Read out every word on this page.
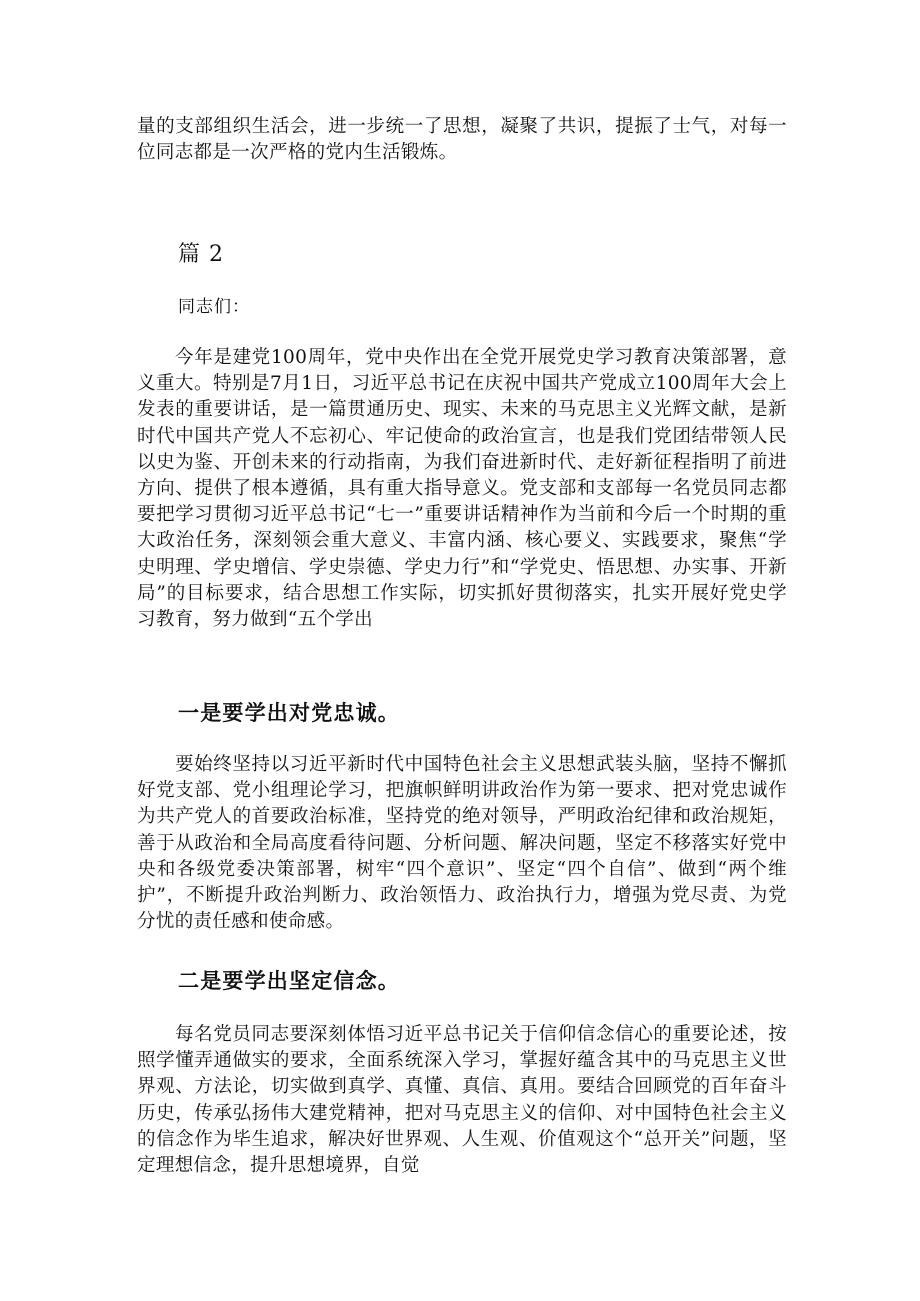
量的支部组织生活会，进一步统一了思想，凝聚了共识，提振了士气，对每一位同志都是一次严格的党内生活锻炼。

篇 2

同志们：

今年是建党100周年，党中央作出在全党开展党史学习教育决策部署，意义重大。特别是7月1日，习近平总书记在庆祝中国共产党成立100周年大会上发表的重要讲话，是一篇贯通历史、现实、未来的马克思主义光辉文献，是新时代中国共产党人不忘初心、牢记使命的政治宣言，也是我们党团结带领人民以史为鉴、开创未来的行动指南，为我们奋进新时代、走好新征程指明了前进方向、提供了根本遵循，具有重大指导意义。党支部和支部每一名党员同志都要把学习贯彻习近平总书记“七一”重要讲话精神作为当前和今后一个时期的重大政治任务，深刻领会重大意义、丰富内涵、核心要义、实践要求，聚焦“学史明理、学史增信、学史崇德、学史力行”和“学党史、悟思想、办实事、开新局”的目标要求，结合思想工作实际，切实抓好贯彻落实，扎实开展好党史学习教育，努力做到“五个学出

一是要学出对党忠诚。

要始终坚持以习近平新时代中国特色社会主义思想武装头脑，坚持不懈抓好党支部、党小组理论学习，把旗帜鲜明讲政治作为第一要求、把对党忠诚作为共产党人的首要政治标准，坚持党的绝对领导，严明政治纪律和政治规矩，善于从政治和全局高度看待问题、分析问题、解决问题，坚定不移落实好党中央和各级党委决策部署，树牢“四个意识”、坚定“四个自信”、做到“两个维护”，不断提升政治判断力、政治领悟力、政治执行力，增强为党尽责、为党分忧的责任感和使命感。

二是要学出坚定信念。

每名党员同志要深刻体悟习近平总书记关于信仰信念信心的重要论述，按照学懂弄通做实的要求，全面系统深入学习，掌握好蕴含其中的马克思主义世界观、方法论，切实做到真学、真懂、真信、真用。要结合回顾党的百年奋斗历史，传承弘扬伟大建党精神，把对马克思主义的信仰、对中国特色社会主义的信念作为毕生追求，解决好世界观、人生观、价值观这个“总开关”问题，坚定理想信念，提升思想境界，自觉
